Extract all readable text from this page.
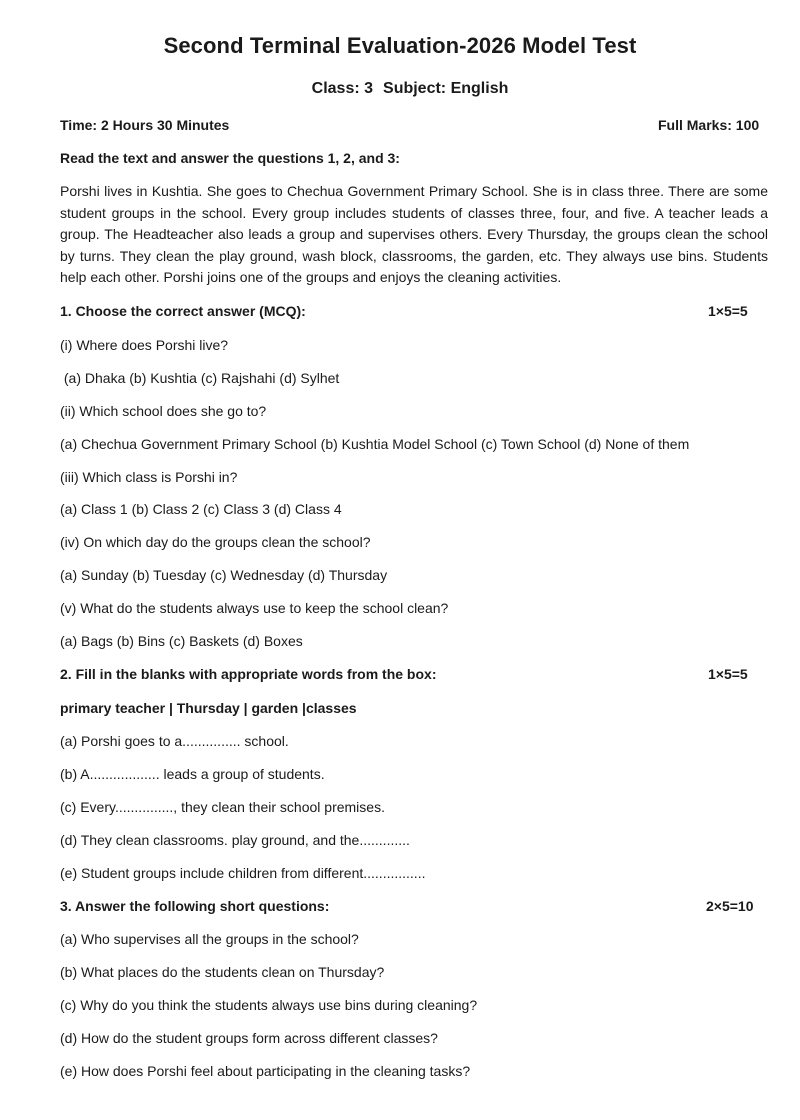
Second Terminal Evaluation-2026 Model Test
Class: 3 Subject: English
Time: 2 Hours 30 Minutes	Full Marks: 100
Read the text and answer the questions 1, 2, and 3:
Porshi lives in Kushtia. She goes to Chechua Government Primary School. She is in class three. There are some student groups in the school. Every group includes students of classes three, four, and five. A teacher leads a group. The Headteacher also leads a group and supervises others. Every Thursday, the groups clean the school by turns. They clean the play ground, wash block, classrooms, the garden, etc. They always use bins. Students help each other. Porshi joins one of the groups and enjoys the cleaning activities.
1. Choose the correct answer (MCQ):	1×5=5
(i) Where does Porshi live?
(a) Dhaka (b) Kushtia (c) Rajshahi (d) Sylhet
(ii) Which school does she go to?
(a) Chechua Government Primary School (b) Kushtia Model School (c) Town School (d) None of them
(iii) Which class is Porshi in?
(a) Class 1 (b) Class 2 (c) Class 3 (d) Class 4
(iv) On which day do the groups clean the school?
(a) Sunday (b) Tuesday (c) Wednesday (d) Thursday
(v) What do the students always use to keep the school clean?
(a) Bags (b) Bins (c) Baskets (d) Boxes
2. Fill in the blanks with appropriate words from the box:	1×5=5
primary teacher | Thursday | garden |classes
(a) Porshi goes to a............... school.
(b) A.................. leads a group of students.
(c) Every..............., they clean their school premises.
(d) They clean classrooms. play ground, and the.............
(e) Student groups include children from different................
3. Answer the following short questions:	2×5=10
(a) Who supervises all the groups in the school?
(b) What places do the students clean on Thursday?
(c) Why do you think the students always use bins during cleaning?
(d) How do the student groups form across different classes?
(e) How does Porshi feel about participating in the cleaning tasks?
